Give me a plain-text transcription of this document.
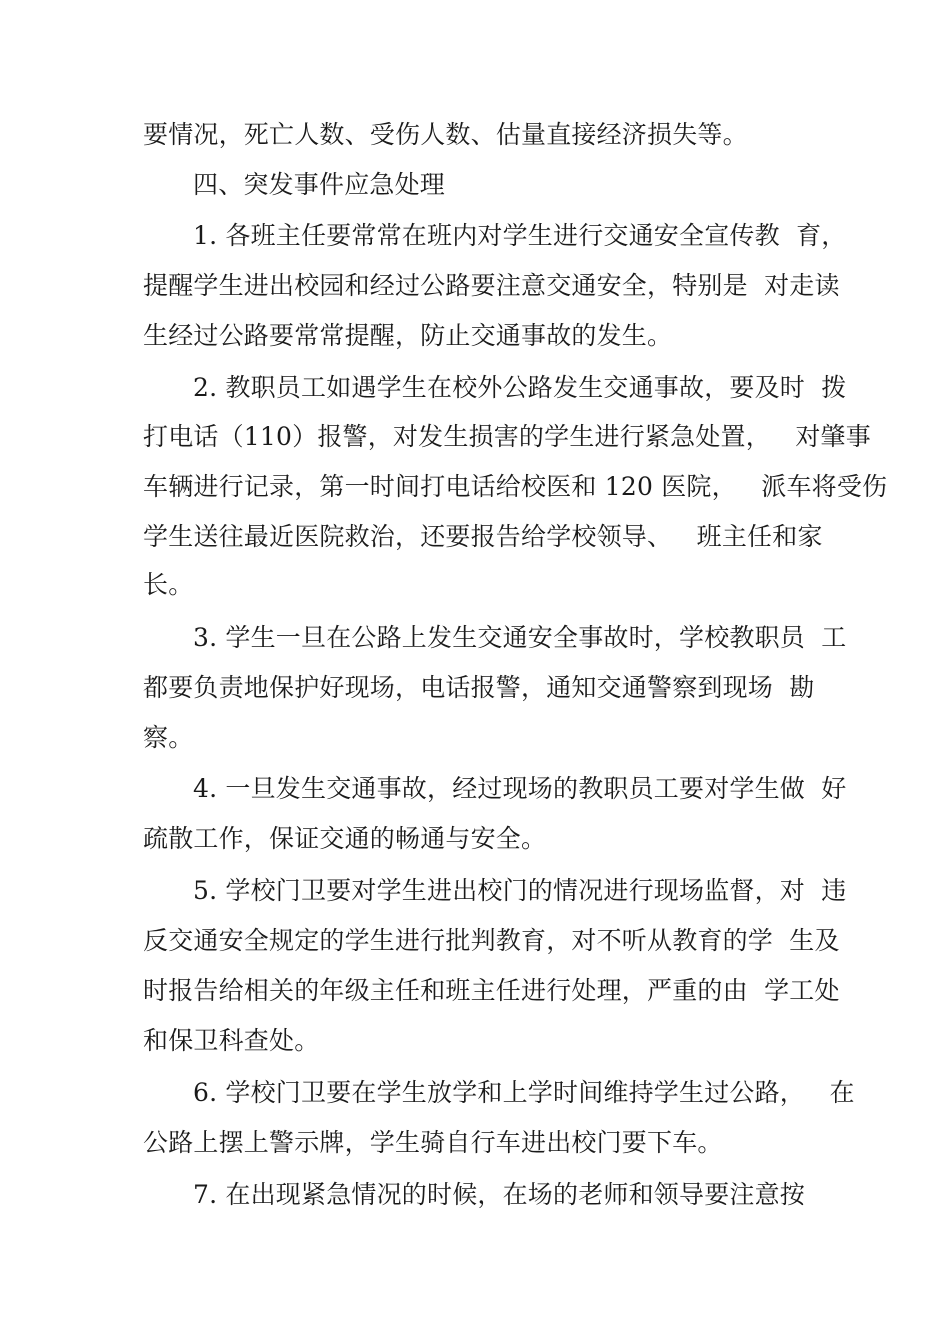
要情况，死亡人数、受伤人数、估量直接经济损失等。
四、突发事件应急处理
1. 各班主任要常常在班内对学生进行交通安全宣传教  育，
提醒学生进出校园和经过公路要注意交通安全，特别是  对走读
生经过公路要常常提醒，防止交通事故的发生。
2. 教职员工如遇学生在校外公路发生交通事故，要及时  拨
打电话（110）报警，对发生损害的学生进行紧急处置，   对肇事
车辆进行记录，第一时间打电话给校医和 120 医院，   派车将受伤
学生送往最近医院救治，还要报告给学校领导、   班主任和家
长。
3. 学生一旦在公路上发生交通安全事故时，学校教职员  工
都要负责地保护好现场，电话报警，通知交通警察到现场  勘
察。
4. 一旦发生交通事故，经过现场的教职员工要对学生做  好
疏散工作，保证交通的畅通与安全。
5. 学校门卫要对学生进出校门的情况进行现场监督，对  违
反交通安全规定的学生进行批判教育，对不听从教育的学  生及
时报告给相关的年级主任和班主任进行处理，严重的由  学工处
和保卫科查处。
6. 学校门卫要在学生放学和上学时间维持学生过公路，   在
公路上摆上警示牌，学生骑自行车进出校门要下车。
7. 在出现紧急情况的时候，在场的老师和领导要注意按
